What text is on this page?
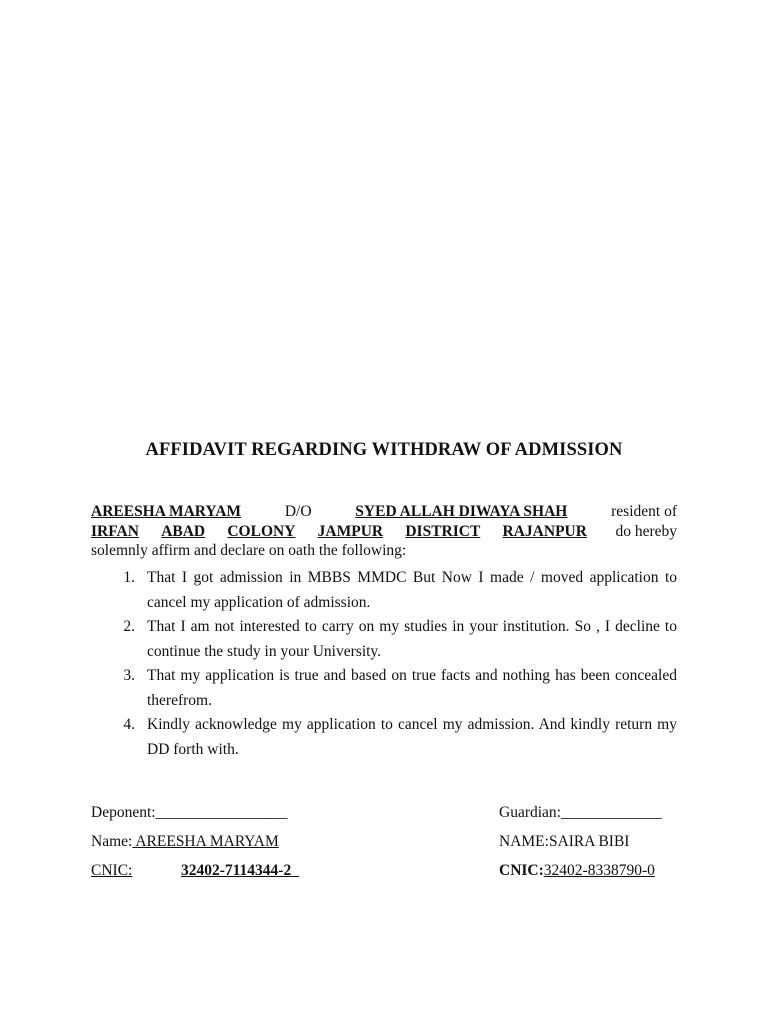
AFFIDAVIT REGARDING WITHDRAW OF ADMISSION
AREESHA MARYAM	D/O	SYED ALLAH DIWAYA SHAH	resident of
IRFAN ABAD COLONY JAMPUR DISTRICT RAJANPUR do hereby
solemnly affirm and declare on oath the following:
1. That I got admission in MBBS MMDC But Now I made / moved application to cancel my application of admission.
2. That I am not interested to carry on my studies in your institution. So , I decline to continue the study in your University.
3. That my application is true and based on true facts and nothing has been concealed therefrom.
4. Kindly acknowledge my application to cancel my admission. And kindly return my DD forth with.
Deponent:_________________	Guardian:_____________
Name: AREESHA MARYAM	NAME:SAIRA BIBI
CNIC:	32402-7114344-2	CNIC:32402-8338790-0
